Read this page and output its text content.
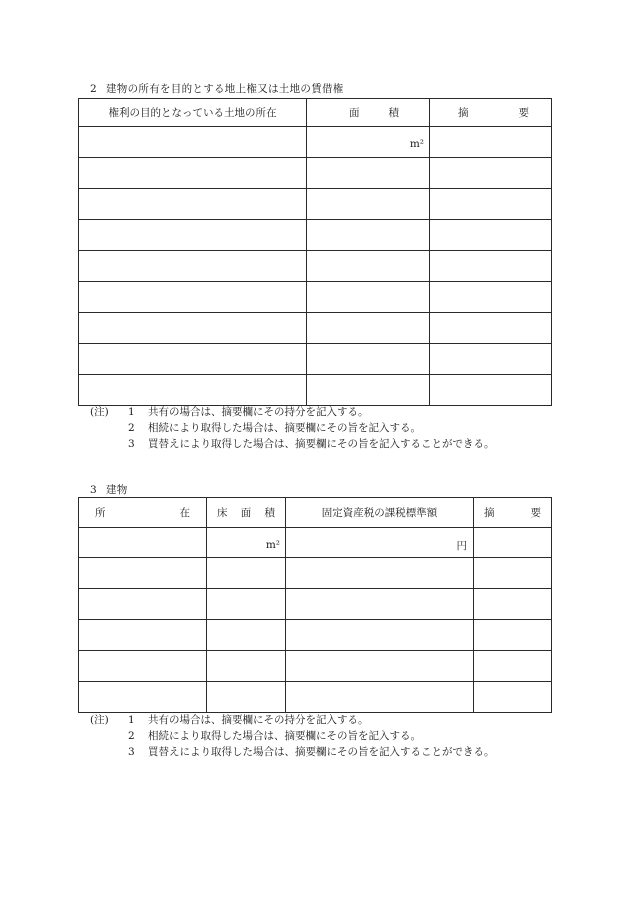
2 建物の所有を目的とする地上権又は土地の賃借権
権利の目的となっている土地の所在	面 積	摘 要

	m²	

(注)	1	共有の場合は、摘要欄にその持分を記入する。
2	相続により取得した場合は、摘要欄にその旨を記入する。
3	買替えにより取得した場合は、摘要欄にその旨を記入することができる。
3 建物
所 在	床 面 積	固定資産税の課税標準額	摘 要

	m²	円	

(注)	1	共有の場合は、摘要欄にその持分を記入する。
2	相続により取得した場合は、摘要欄にその旨を記入する。
3	買替えにより取得した場合は、摘要欄にその旨を記入することができる。
